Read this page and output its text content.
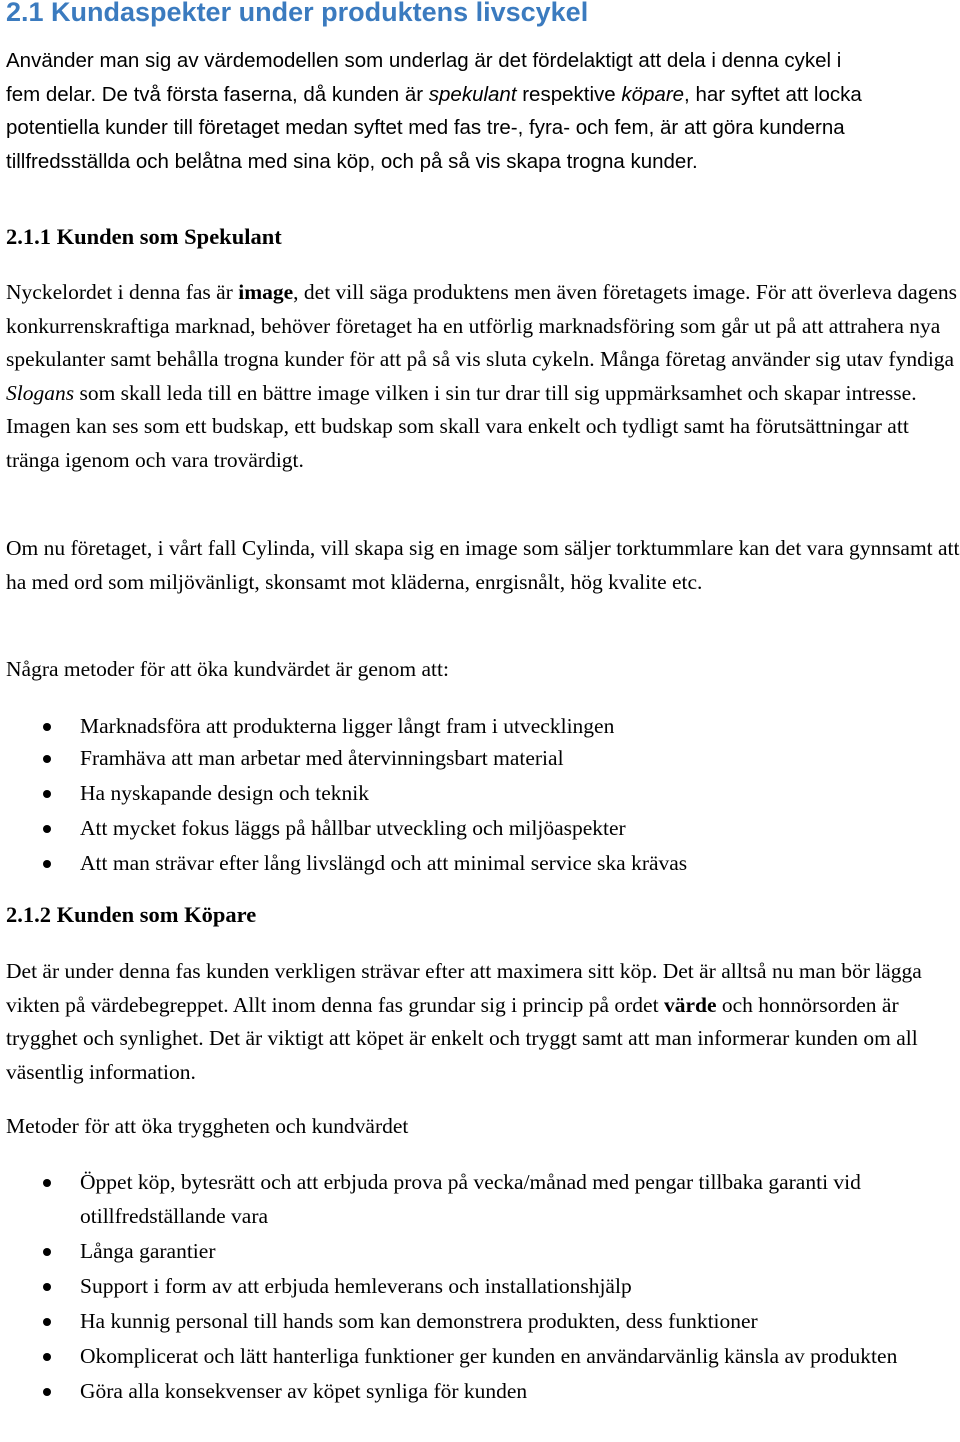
2.1 Kundaspekter under produktens livscykel
Använder man sig av värdemodellen som underlag är det fördelaktigt att dela i denna cykel i
fem delar. De två första faserna, då kunden är spekulant respektive köpare, har syftet att locka
potentiella kunder till företaget medan syftet med fas tre-, fyra- och fem, är att göra kunderna
tillfredsställda och belåtna med sina köp, och på så vis skapa trogna kunder.
2.1.1 Kunden som Spekulant

Nyckelordet i denna fas är image, det vill säga produktens men även företagets image. För att överleva dagens konkurrenskraftiga marknad, behöver företaget ha en utförlig marknadsföring som går ut på att attrahera nya spekulanter samt behålla trogna kunder för att på så vis sluta cykeln. Många företag använder sig utav fyndiga Slogans som skall leda till en bättre image vilken i sin tur drar till sig uppmärksamhet och skapar intresse. Imagen kan ses som ett budskap, ett budskap som skall vara enkelt och tydligt samt ha förutsättningar att tränga igenom och vara trovärdigt.

Om nu företaget, i vårt fall Cylinda, vill skapa sig en image som säljer torktummlare kan det vara gynnsamt att ha med ord som miljövänligt, skonsamt mot kläderna, enrgisnålt, hög kvalite etc.

Några metoder för att öka kundvärdet är genom att:

Marknadsföra att produkterna ligger långt fram i utvecklingen
Framhäva att man arbetar med återvinningsbart material
Ha nyskapande design och teknik
Att mycket fokus läggs på hållbar utveckling och miljöaspekter
Att man strävar efter lång livslängd och att minimal service ska krävas
2.1.2 Kunden som Köpare

Det är under denna fas kunden verkligen strävar efter att maximera sitt köp. Det är alltså nu man bör lägga vikten på värdebegreppet. Allt inom denna fas grundar sig i princip på ordet värde och honnörsorden är trygghet och synlighet. Det är viktigt att köpet är enkelt och tryggt samt att man informerar kunden om all väsentlig information.

Metoder för att öka tryggheten och kundvärdet

Öppet köp, bytesrätt och att erbjuda prova på vecka/månad med pengar tillbaka garanti vid otillfredställande vara
Långa garantier
Support i form av att erbjuda hemleverans och installationshjälp
Ha kunnig personal till hands som kan demonstrera produkten, dess funktioner
Okomplicerat och lätt hanterliga funktioner ger kunden en användarvänlig känsla av produkten
Göra alla konsekvenser av köpet synliga för kunden
